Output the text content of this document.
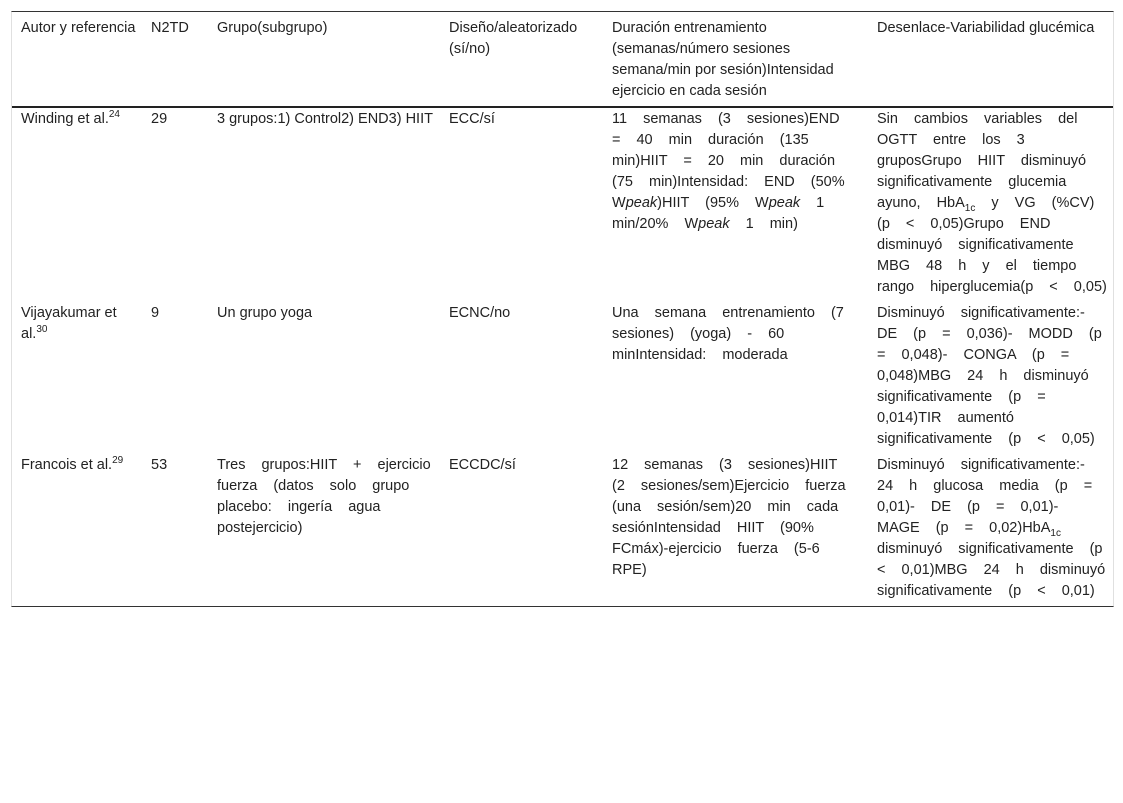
Autor y referencia	N2TD	Grupo(subgrupo)	Diseño/aleatorizado (sí/no)	Duración entrenamiento (semanas/número sesiones semana/min por sesión)Intensidad ejercicio en cada sesión	Desenlace-Variabilidad glucémica
Winding et al.$^{24}$	29	3 grupos:1) Control2) END3) HIIT	ECC/sí	11 semanas (3 sesiones)END = 40 min duración (135 min)HIIT = 20 min duración (75 min)Intensidad: END (50% Wpeak)HIIT (95% Wpeak 1 min/20% Wpeak 1 min)	Sin cambios variables del OGTT entre los 3 gruposGrupo HIIT disminuyó significativamente glucemia ayuno, HbA$_{1c}$ y VG (%CV) (p < 0,05)Grupo END disminuyó significativamente MBG 48 h y el tiempo rango hiperglucemia(p < 0,05)
Vijayakumar et al.$^{30}$	9	Un grupo yoga	ECNC/no	Una semana entrenamiento (7 sesiones) (yoga) - 60 minIntensidad: moderada	Disminuyó significativamente:- DE (p = 0,036)- MODD (p = 0,048)- CONGA (p = 0,048)MBG 24 h disminuyó significativamente (p = 0,014)TIR aumentó significativamente (p < 0,05)
Francois et al.$^{29}$	53	Tres grupos:HIIT + ejercicio fuerza (datos solo grupo placebo: ingería agua postejercicio)	ECCDC/sí	12 semanas (3 sesiones)HIIT (2 sesiones/sem)Ejercicio fuerza (una sesión/sem)20 min cada sesiónIntensidad HIIT (90% FCmáx)-ejercicio fuerza (5-6 RPE)	Disminuyó significativamente:- 24 h glucosa media (p = 0,01)- DE (p = 0,01)- MAGE (p = 0,02)HbA$_{1c}$ disminuyó significativamente (p < 0,01)MBG 24 h disminuyó significativamente (p < 0,01)
